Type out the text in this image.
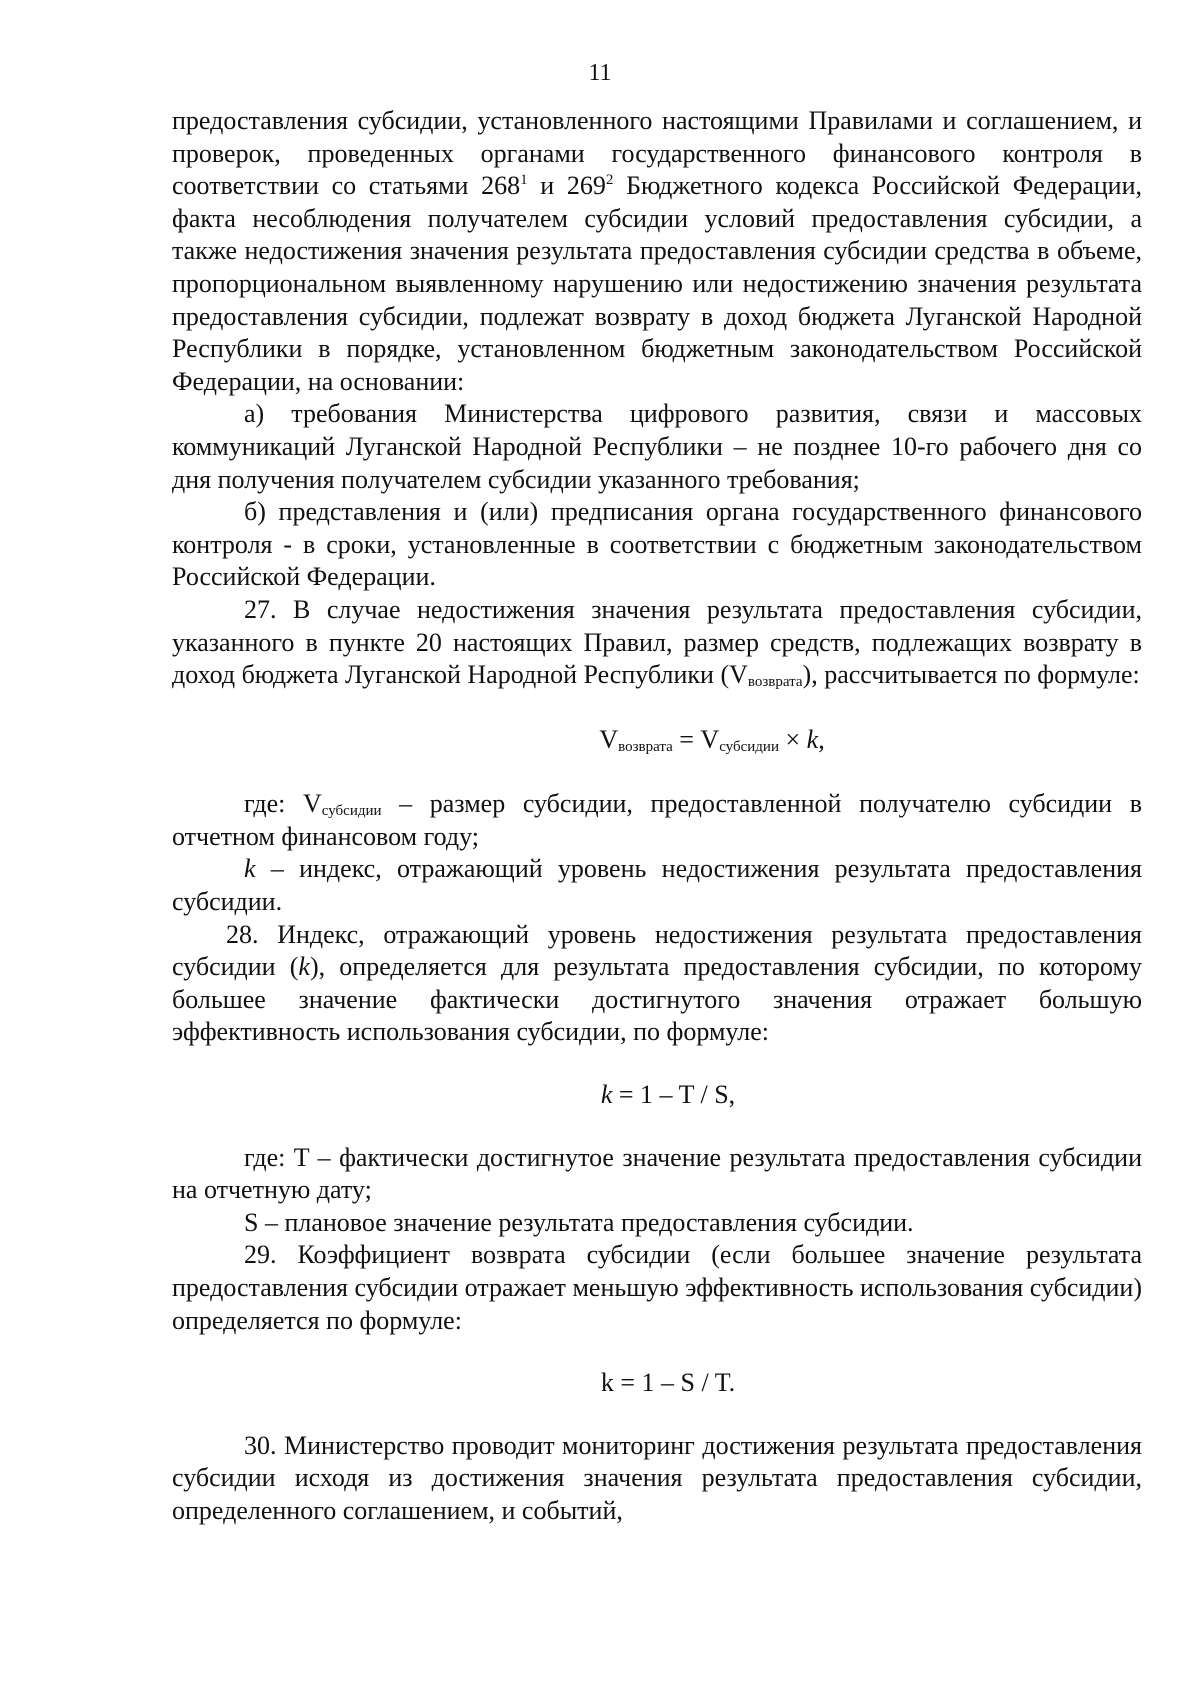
11

предоставления субсидии, установленного настоящими Правилами и соглашением, и проверок, проведенных органами государственного финансового контроля в соответствии со статьями $268^1$ и $269^2$ Бюджетного кодекса Российской Федерации, факта несоблюдения получателем субсидии условий предоставления субсидии, а также недостижения значения результата предоставления субсидии средства в объеме, пропорциональном выявленному нарушению или недостижению значения результата предоставления субсидии, подлежат возврату в доход бюджета Луганской Народной Республики в порядке, установленном бюджетным законодательством Российской Федерации, на основании:

а) требования Министерства цифрового развития, связи и массовых коммуникаций Луганской Народной Республики – не позднее 10-го рабочего дня со дня получения получателем субсидии указанного требования;

б) представления и (или) предписания органа государственного финансового контроля - в сроки, установленные в соответствии с бюджетным законодательством Российской Федерации.

27. В случае недостижения значения результата предоставления субсидии, указанного в пункте 20 настоящих Правил, размер средств, подлежащих возврату в доход бюджета Луганской Народной Республики $(V_{возврата})$, рассчитывается по формуле:

$V_{возврата} = V_{субсидии} \times k$,

где: $V_{субсидии}$ – размер субсидии, предоставленной получателю субсидии в отчетном финансовом году;

k – индекс, отражающий уровень недостижения результата предоставления субсидии.

28. Индекс, отражающий уровень недостижения результата предоставления субсидии (k), определяется для результата предоставления субсидии, по которому большее значение фактически достигнутого значения отражает большую эффективность использования субсидии, по формуле:

k = 1 – T / S,

где: T – фактически достигнутое значение результата предоставления субсидии на отчетную дату;

S – плановое значение результата предоставления субсидии.

29. Коэффициент возврата субсидии (если большее значение результата предоставления субсидии отражает меньшую эффективность использования субсидии) определяется по формуле:

k = 1 – S / T.

30. Министерство проводит мониторинг достижения результата предоставления субсидии исходя из достижения значения результата предоставления субсидии, определенного соглашением, и событий,
